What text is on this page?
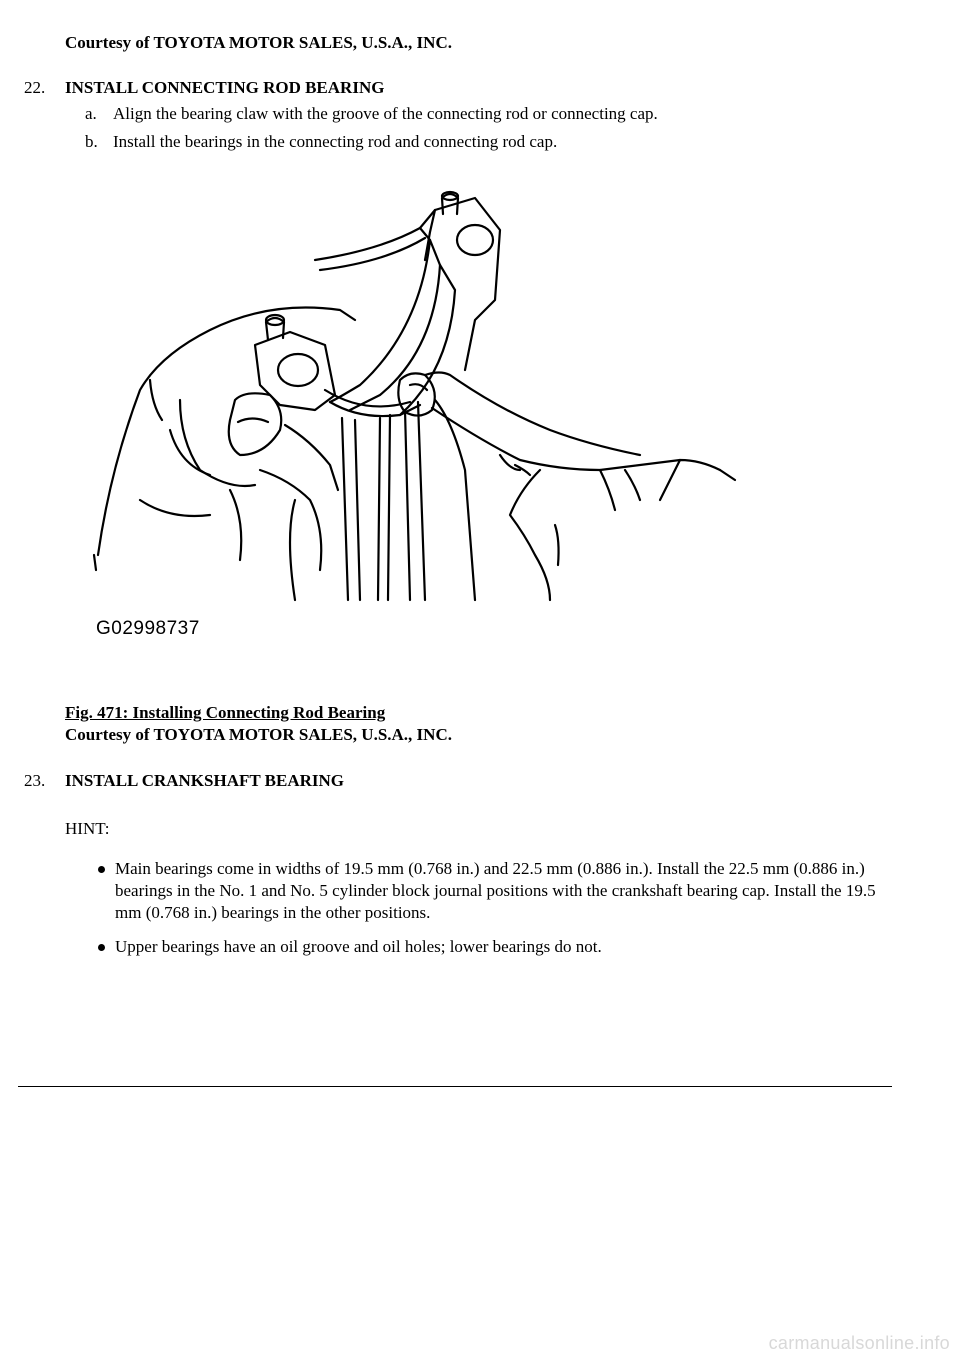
Courtesy of TOYOTA MOTOR SALES, U.S.A., INC.
22.	INSTALL CONNECTING ROD BEARING
a. Align the bearing claw with the groove of the connecting rod or connecting cap.
b. Install the bearings in the connecting rod and connecting rod cap.
G02998737
Fig. 471: Installing Connecting Rod Bearing
Courtesy of TOYOTA MOTOR SALES, U.S.A., INC.
23.	INSTALL CRANKSHAFT BEARING
HINT:
Main bearings come in widths of 19.5 mm (0.768 in.) and 22.5 mm (0.886 in.). Install the 22.5 mm (0.886 in.) bearings in the No. 1 and No. 5 cylinder block journal positions with the crankshaft bearing cap. Install the 19.5 mm (0.768 in.) bearings in the other positions.
Upper bearings have an oil groove and oil holes; lower bearings do not.
carmanualsonline.info
